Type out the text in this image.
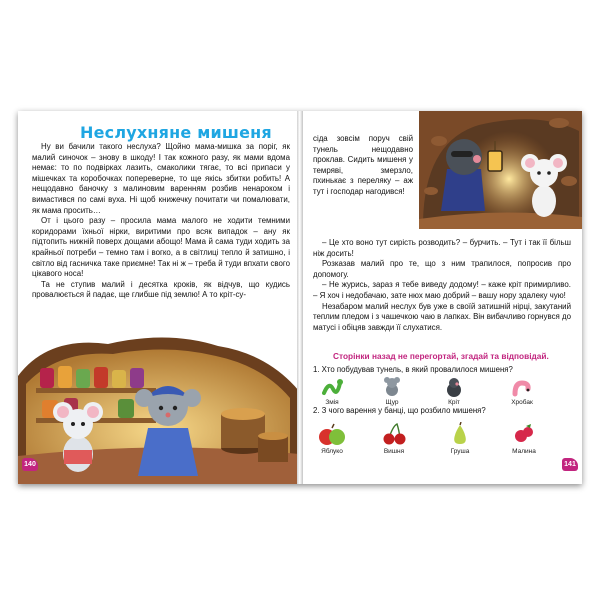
Неслухняне мишеня

Ну ви бачили такого неслуха? Щойно мама-мишка за поріг, як малий синочок – знову в шкоду! І так кожного разу, як мами вдома немає: то по подвірках лазить, смаколики тягає, то всі припаси у мішечках та коробочках попереверне, то ще якісь збитки робить! А нещодавно баночку з малиновим варенням розбив ненароком і вимастився по самі вуха. Ні щоб книжечку почитати чи помалювати, як мама просить…

От і цього разу – просила мама малого не ходити темними коридорами їхньої нірки, виритими про всяк випадок – ану як підтопить нижній поверх дощами абощо! Мама й сама туди ходить за крайньої потреби – темно там і вогко, а в світлиці тепло й затишно, і світло від гасничка таке приємне! Так ні ж – треба й туди впхати свого цікавого носа!

Та не ступив малий і десятка кроків, як відчув, що кудись провалюється й падає, ще глибше під землю! А то кріт-су-

140

сіда зовсім поруч свій тунель нещодавно проклав. Сидить мишеня у темряві, змерзло, пхинькає з переляку – аж тут і господар нагодився!

– Це хто воно тут сирість розводить? – бурчить. – Тут і так її більш ніж досить!

Розказав малий про те, що з ним трапилося, попросив про допомогу.

– Не журись, зараз я тебе виведу додому! – каже кріт примирливо. – Я хоч і недобачаю, зате нюх маю добрий – вашу нору здалеку чую!

Незабаром малий неслух був уже в своїй затишній нірці, закутаний теплим пледом і з чашечкою чаю в лапках. Він вибачливо горнувся до матусі і обіцяв завжди її слухатися.

Сторінки назад не перегортай, згадай та відповідай.
1. Хто побудував тунель, в який провалилося мишеня?
Змія	Щур	Кріт	Хробак
2. З чого варення у банці, що розбило мишеня?
Яблуко	Вишня	Груша	Малина
141
